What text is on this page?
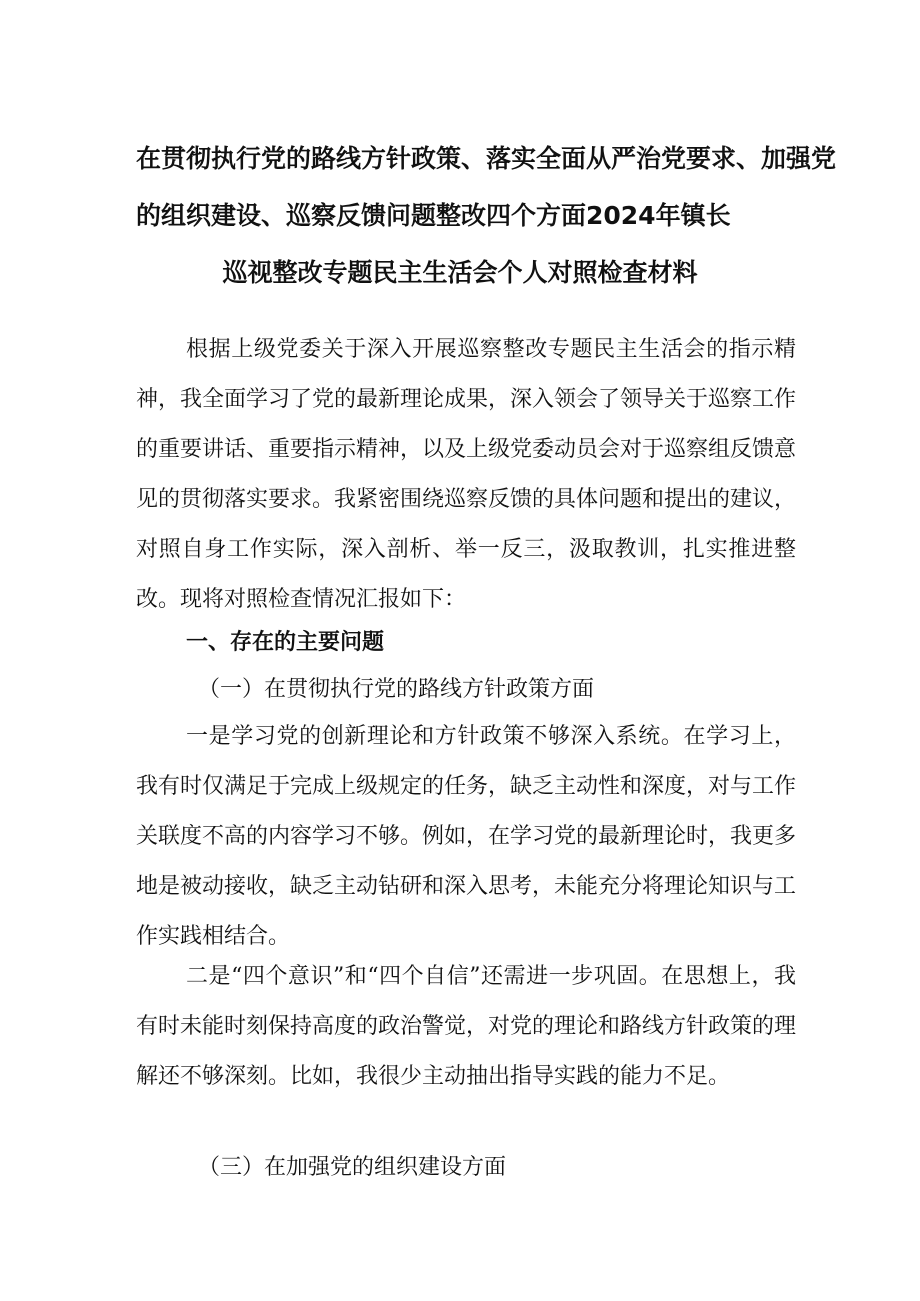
在贯彻执行党的路线方针政策、落实全面从严治党要求、加强党
的组织建设、巡察反馈问题整改四个方面2024年镇长
巡视整改专题民主生活会个人对照检查材料
根据上级党委关于深入开展巡察整改专题民主生活会的指示精神，我全面学习了党的最新理论成果，深入领会了领导关于巡察工作的重要讲话、重要指示精神，以及上级党委动员会对于巡察组反馈意见的贯彻落实要求。我紧密围绕巡察反馈的具体问题和提出的建议，对照自身工作实际，深入剖析、举一反三，汲取教训，扎实推进整改。现将对照检查情况汇报如下：
一、存在的主要问题
（一）在贯彻执行党的路线方针政策方面
一是学习党的创新理论和方针政策不够深入系统。在学习上，我有时仅满足于完成上级规定的任务，缺乏主动性和深度，对与工作关联度不高的内容学习不够。例如，在学习党的最新理论时，我更多地是被动接收，缺乏主动钻研和深入思考，未能充分将理论知识与工作实践相结合。
二是“四个意识”和“四个自信”还需进一步巩固。在思想上，我有时未能时刻保持高度的政治警觉，对党的理论和路线方针政策的理解还不够深刻。比如，我很少主动抽出指导实践的能力不足。
（三）在加强党的组织建设方面
